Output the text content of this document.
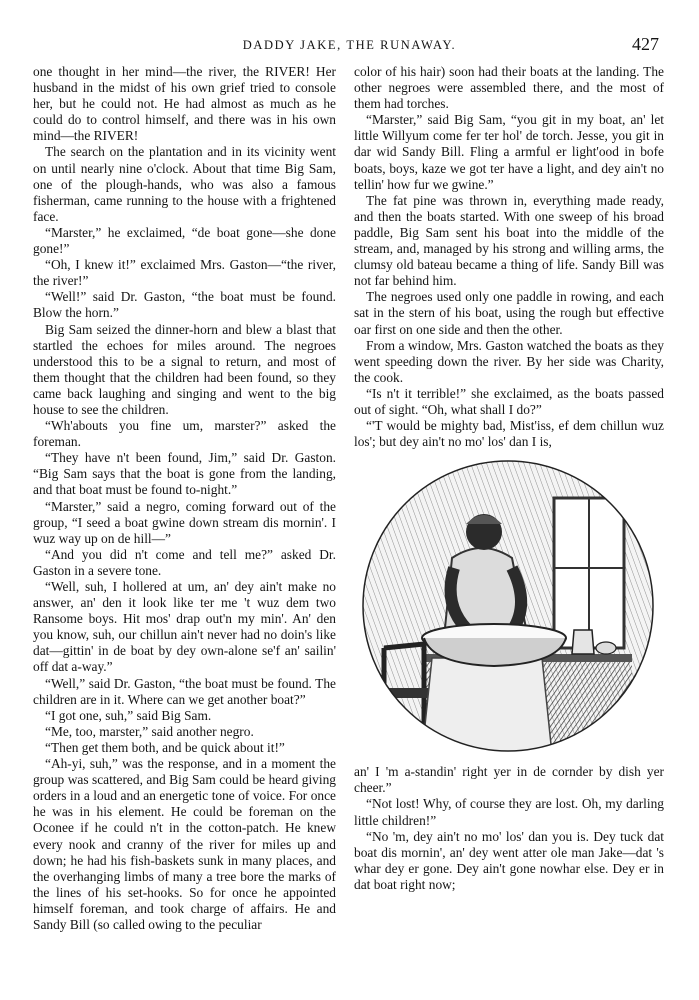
DADDY JAKE, THE RUNAWAY.	427

one thought in her mind—the river, the RIVER! Her husband in the midst of his own grief tried to console her, but he could not. He had almost as much as he could do to control himself, and there was in his own mind—the RIVER!

The search on the plantation and in its vicinity went on until nearly nine o'clock. About that time Big Sam, one of the plough-hands, who was also a famous fisherman, came running to the house with a frightened face.

“Marster,” he exclaimed, “de boat gone—she done gone!”

“Oh, I knew it!” exclaimed Mrs. Gaston—“the river, the river!”

“Well!” said Dr. Gaston, “the boat must be found. Blow the horn.”

Big Sam seized the dinner-horn and blew a blast that startled the echoes for miles around. The negroes understood this to be a signal to return, and most of them thought that the children had been found, so they came back laughing and singing and went to the big house to see the children.

“Wh'abouts you fine um, marster?” asked the foreman.

“They have n't been found, Jim,” said Dr. Gaston. “Big Sam says that the boat is gone from the landing, and that boat must be found to-night.”

“Marster,” said a negro, coming forward out of the group, “I seed a boat gwine down stream dis mornin'. I wuz way up on de hill—”

“And you did n't come and tell me?” asked Dr. Gaston in a severe tone.

“Well, suh, I hollered at um, an' dey ain't make no answer, an' den it look like ter me 't wuz dem two Ransome boys. Hit mos' drap out'n my min'. An' den you know, suh, our chillun ain't never had no doin's like dat—gittin' in de boat by dey own-alone se'f an' sailin' off dat a-way.”

“Well,” said Dr. Gaston, “the boat must be found. The children are in it. Where can we get another boat?”

“I got one, suh,” said Big Sam.

“Me, too, marster,” said another negro.

“Then get them both, and be quick about it!”

“Ah-yi, suh,” was the response, and in a moment the group was scattered, and Big Sam could be heard giving orders in a loud and an energetic tone of voice. For once he was in his element. He could be foreman on the Oconee if he could n't in the cotton-patch. He knew every nook and cranny of the river for miles up and down; he had his fish-baskets sunk in many places, and the overhanging limbs of many a tree bore the marks of the lines of his set-hooks. So for once he appointed himself foreman, and took charge of affairs. He and Sandy Bill (so called owing to the peculiar

color of his hair) soon had their boats at the landing. The other negroes were assembled there, and the most of them had torches.

“Marster,” said Big Sam, “you git in my boat, an' let little Willyum come fer ter hol' de torch. Jesse, you git in dar wid Sandy Bill. Fling a armful er light'ood in bofe boats, boys, kaze we got ter have a light, and dey ain't no tellin' how fur we gwine.”

The fat pine was thrown in, everything made ready, and then the boats started. With one sweep of his broad paddle, Big Sam sent his boat into the middle of the stream, and, managed by his strong and willing arms, the clumsy old bateau became a thing of life. Sandy Bill was not far behind him.

The negroes used only one paddle in rowing, and each sat in the stern of his boat, using the rough but effective oar first on one side and then the other.

From a window, Mrs. Gaston watched the boats as they went speeding down the river. By her side was Charity, the cook.

“Is n't it terrible!” she exclaimed, as the boats passed out of sight. “Oh, what shall I do?”

“'T would be mighty bad, Mist'iss, ef dem chillun wuz los'; but dey ain't no mo' los' dan I is,

an' I 'm a-standin' right yer in de cornder by dish yer cheer.”

“Not lost! Why, of course they are lost. Oh, my darling little children!”

“No 'm, dey ain't no mo' los' dan you is. Dey tuck dat boat dis mornin', an' dey went atter ole man Jake—dat 's whar dey er gone. Dey ain't gone nowhar else. Dey er in dat boat right now;
